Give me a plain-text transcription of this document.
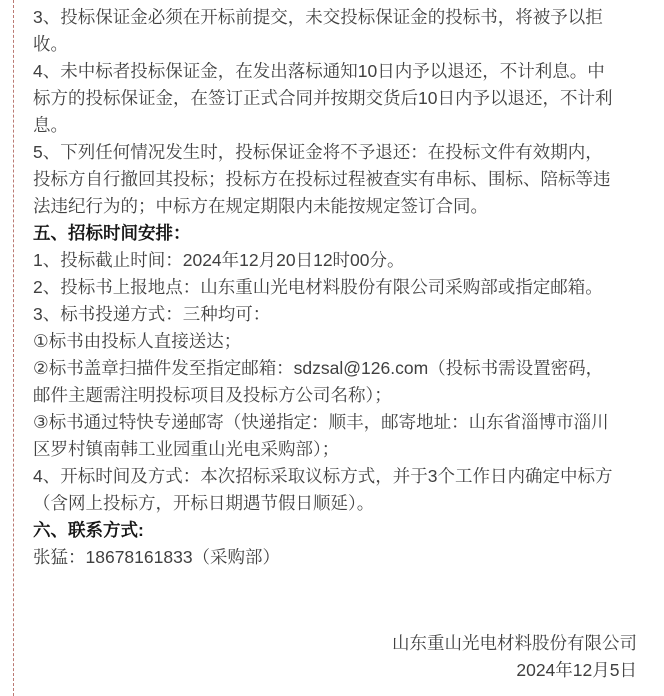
3、投标保证金必须在开标前提交，未交投标保证金的投标书，将被予以拒收。

4、未中标者投标保证金，在发出落标通知10日内予以退还，不计利息。中标方的投标保证金，在签订正式合同并按期交货后10日内予以退还，不计利息。

5、下列任何情况发生时，投标保证金将不予退还：在投标文件有效期内，投标方自行撤回其投标；投标方在投标过程被查实有串标、围标、陪标等违法违纪行为的；中标方在规定期限内未能按规定签订合同。

五、招标时间安排：

1、投标截止时间：2024年12月20日12时00分。

2、投标书上报地点：山东重山光电材料股份有限公司采购部或指定邮箱。

3、标书投递方式：三种均可：

①标书由投标人直接送达；

②标书盖章扫描件发至指定邮箱：sdzsal@126.com（投标书需设置密码，邮件主题需注明投标项目及投标方公司名称）；

③标书通过特快专递邮寄（快递指定：顺丰，邮寄地址：山东省淄博市淄川区罗村镇南韩工业园重山光电采购部）；

4、开标时间及方式：本次招标采取议标方式，并于3个工作日内确定中标方（含网上投标方，开标日期遇节假日顺延）。

六、联系方式:

张猛：18678161833（采购部）

山东重山光电材料股份有限公司
2024年12月5日
